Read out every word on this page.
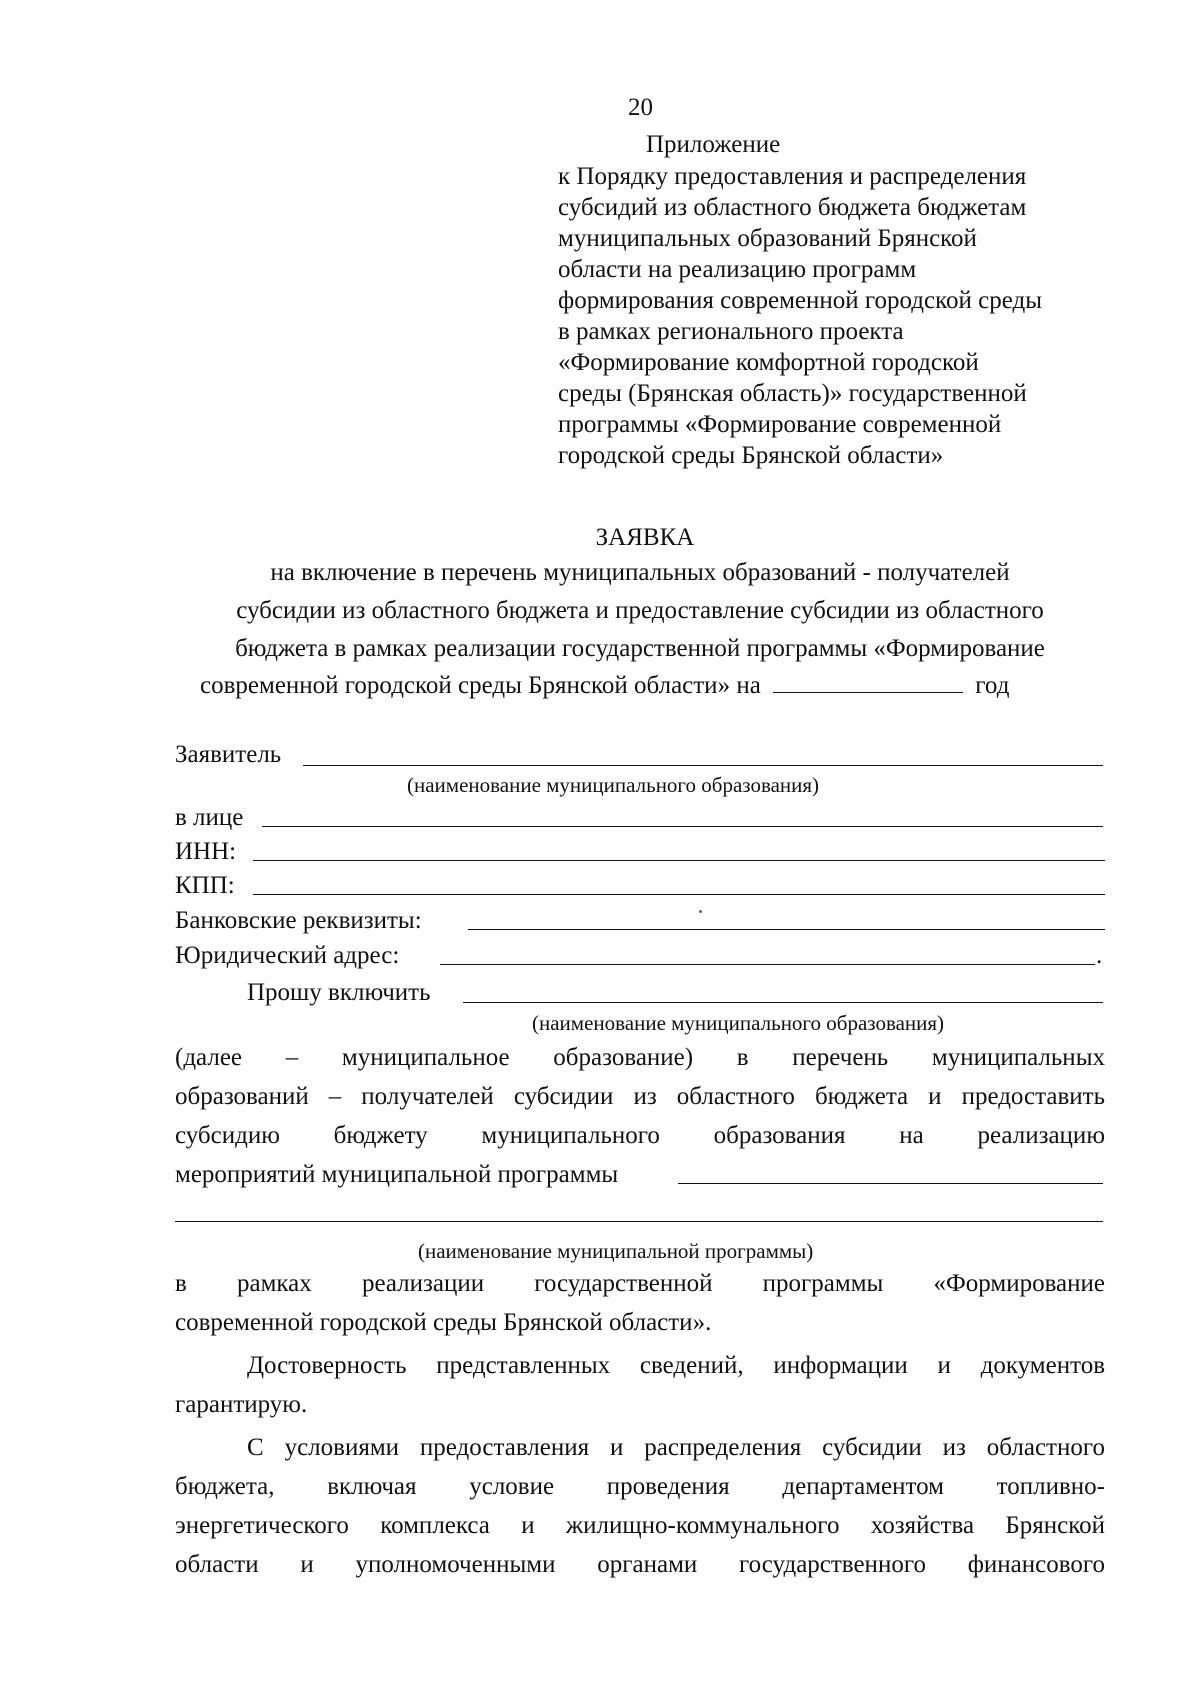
20
Приложение
к Порядку предоставления и распределения
субсидий из областного бюджета бюджетам
муниципальных образований Брянской
области на реализацию программ
формирования современной городской среды
в рамках регионального проекта
«Формирование комфортной городской
среды (Брянская область)» государственной
программы «Формирование современной
городской среды Брянской области»
ЗАЯВКА
на включение в перечень муниципальных образований - получателей
субсидии из областного бюджета и предоставление субсидии из областного
бюджета в рамках реализации государственной программы «Формирование
современной городской среды Брянской области» на	год
Заявитель
(наименование муниципального образования)
в лице
ИНН:
КПП:
Банковские реквизиты:
Юридический адрес:	.
Прошу включить
(наименование муниципального образования)
(далее – муниципальное образование) в перечень муниципальных
образований – получателей субсидии из областного бюджета и предоставить
субсидию бюджету муниципального образования на реализацию
мероприятий муниципальной программы
(наименование муниципальной программы)
в рамках реализации государственной программы «Формирование
современной городской среды Брянской области».
Достоверность представленных сведений, информации и документов
гарантирую.
С условиями предоставления и распределения субсидии из областного
бюджета, включая условие проведения департаментом топливно-
энергетического комплекса и жилищно-коммунального хозяйства Брянской
области и уполномоченными органами государственного финансового
